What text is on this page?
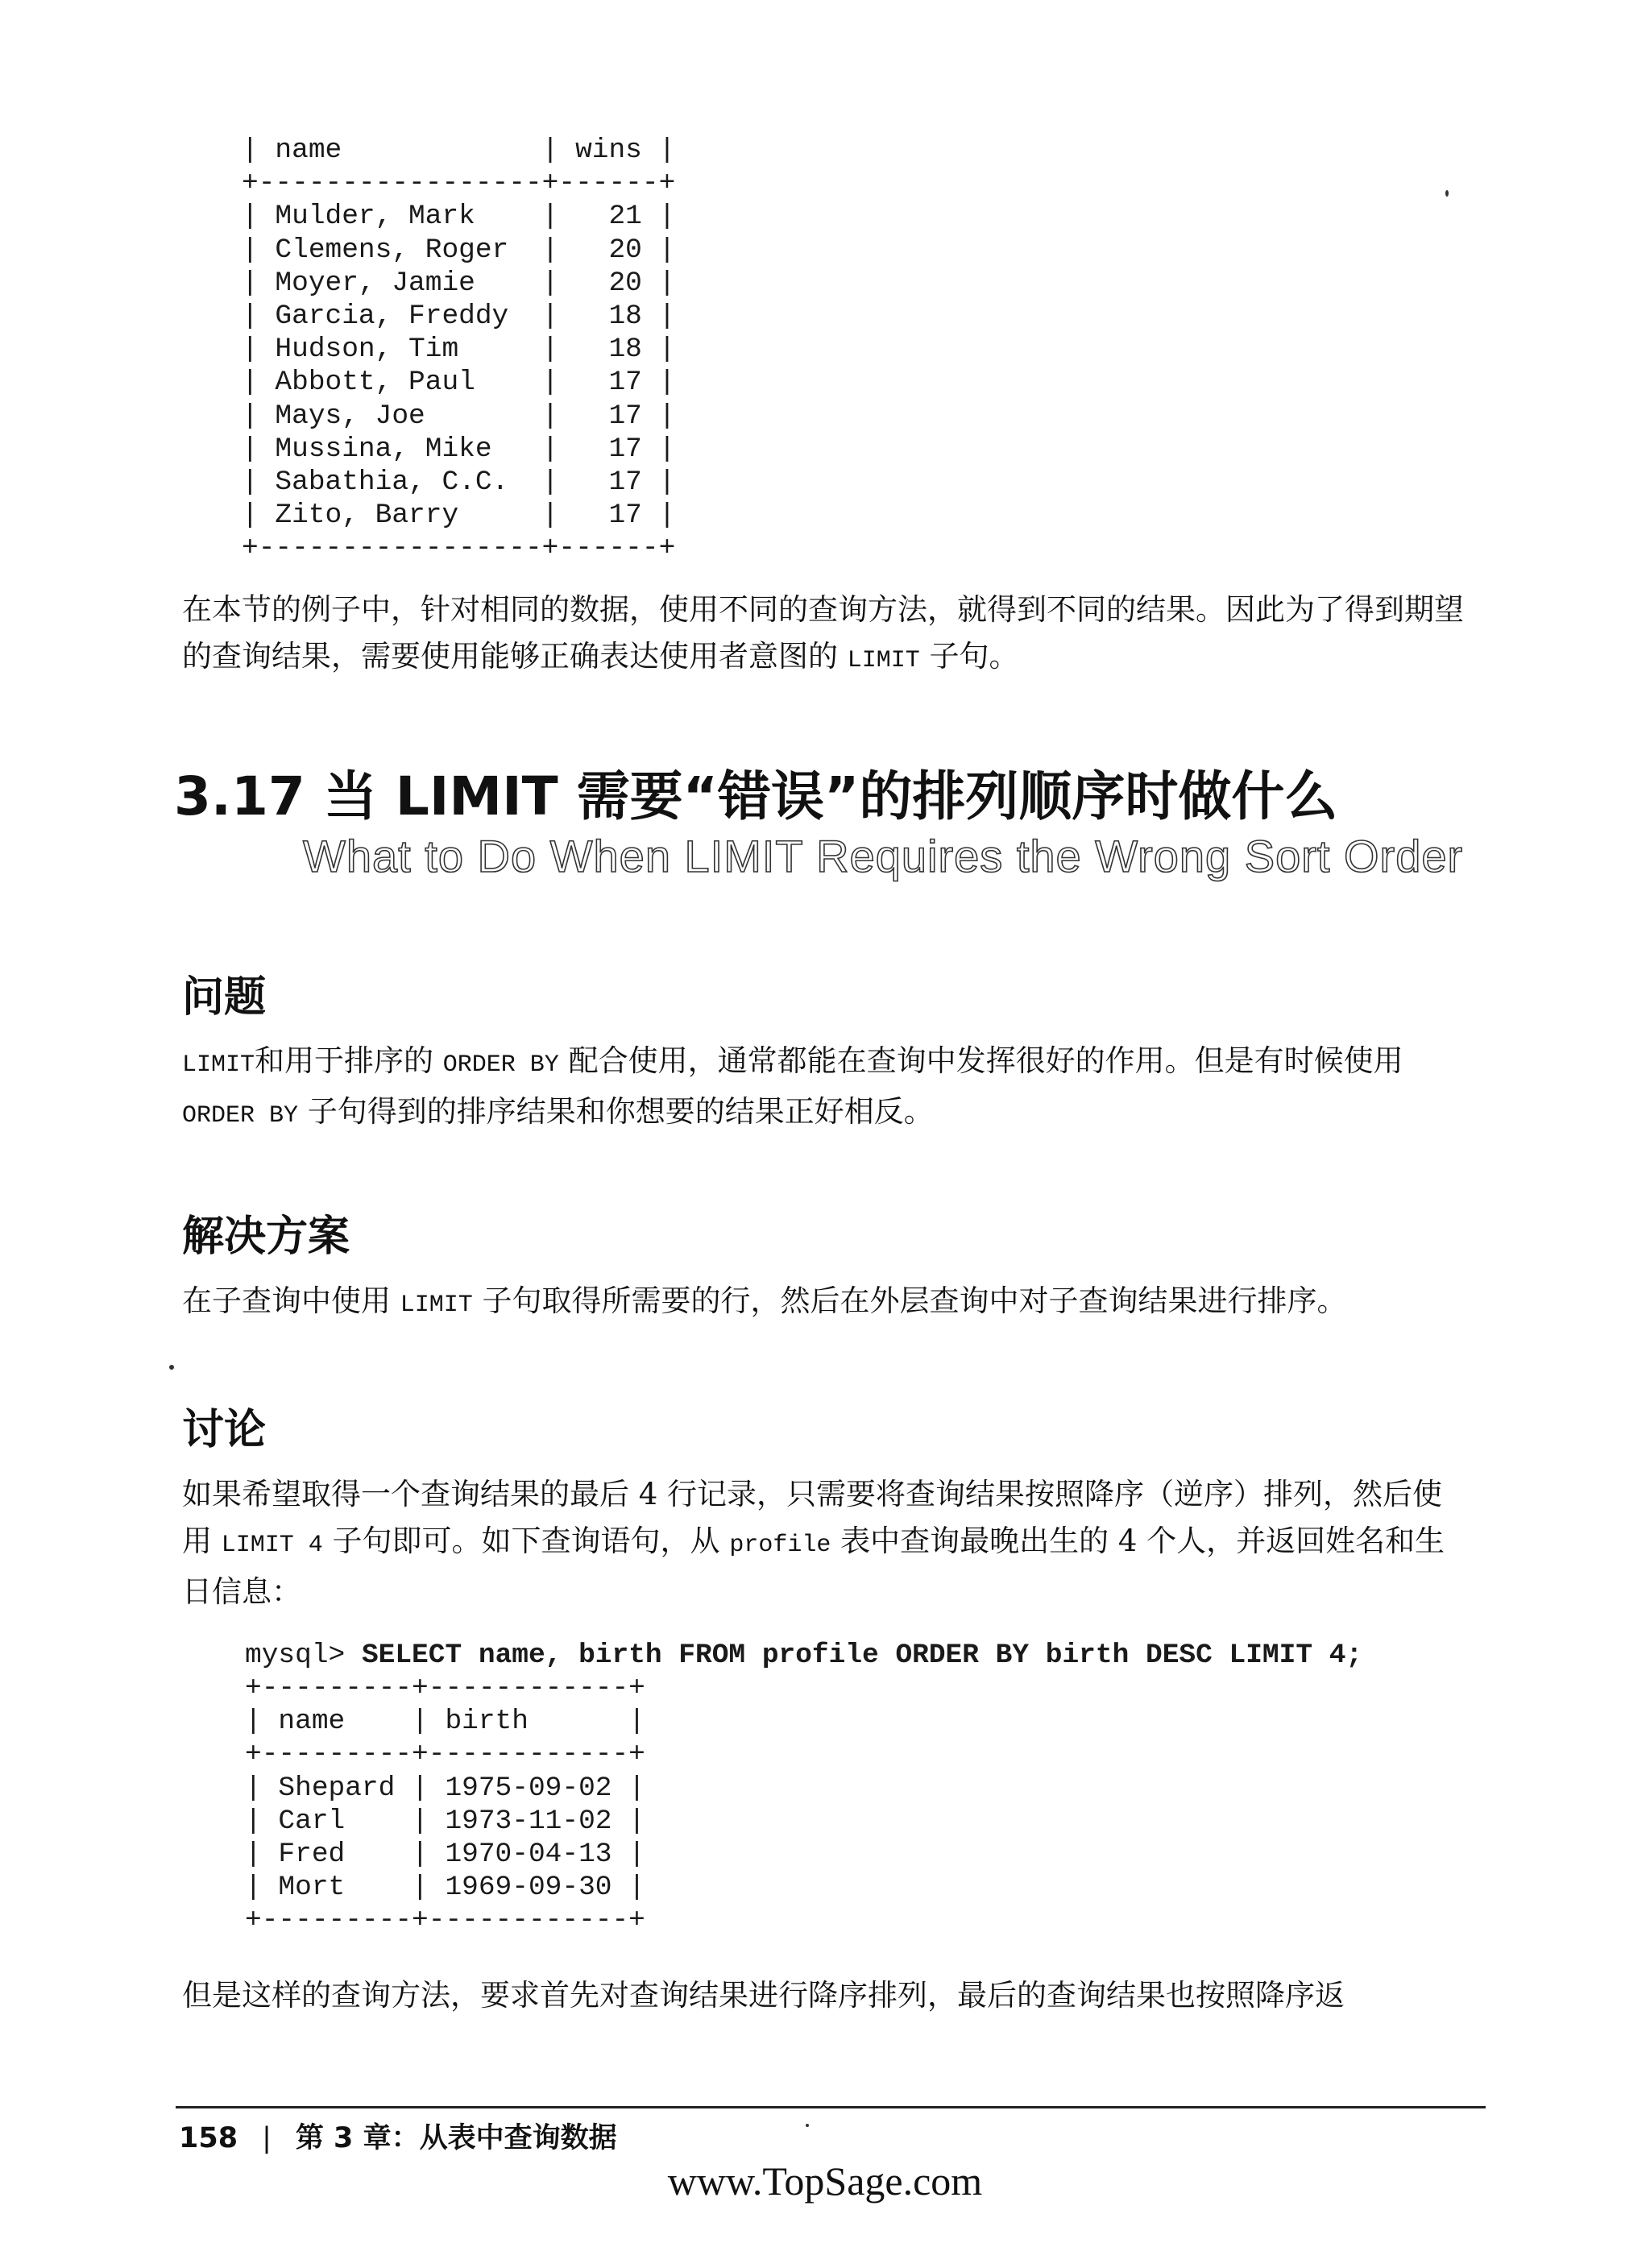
| name            | wins |
+-----------------+------+
| Mulder, Mark    |   21 |
| Clemens, Roger  |   20 |
| Moyer, Jamie    |   20 |
| Garcia, Freddy  |   18 |
| Hudson, Tim     |   18 |
| Abbott, Paul    |   17 |
| Mays, Joe       |   17 |
| Mussina, Mike   |   17 |
| Sabathia, C.C.  |   17 |
| Zito, Barry     |   17 |
+-----------------+------+

在本节的例子中，针对相同的数据，使用不同的查询方法，就得到不同的结果。因此为了得到期望的查询结果，需要使用能够正确表达使用者意图的 LIMIT 子句。

3.17 当 LIMIT 需要“错误”的排列顺序时做什么
What to Do When LIMIT Requires the Wrong Sort Order
问题

LIMIT和用于排序的 ORDER BY 配合使用，通常都能在查询中发挥很好的作用。但是有时候使用 ORDER BY 子句得到的排序结果和你想要的结果正好相反。

解决方案

在子查询中使用 LIMIT 子句取得所需要的行，然后在外层查询中对子查询结果进行排序。

讨论

如果希望取得一个查询结果的最后 4 行记录，只需要将查询结果按照降序（逆序）排列，然后使用 LIMIT 4 子句即可。如下查询语句，从 profile 表中查询最晚出生的 4 个人，并返回姓名和生日信息：

mysql> SELECT name, birth FROM profile ORDER BY birth DESC LIMIT 4;
+---------+------------+
| name    | birth      |
+---------+------------+
| Shepard | 1975-09-02 |
| Carl    | 1973-11-02 |
| Fred    | 1970-04-13 |
| Mort    | 1969-09-30 |
+---------+------------+

但是这样的查询方法，要求首先对查询结果进行降序排列，最后的查询结果也按照降序返

158 | 第 3 章：从表中查询数据

www.TopSage.com
